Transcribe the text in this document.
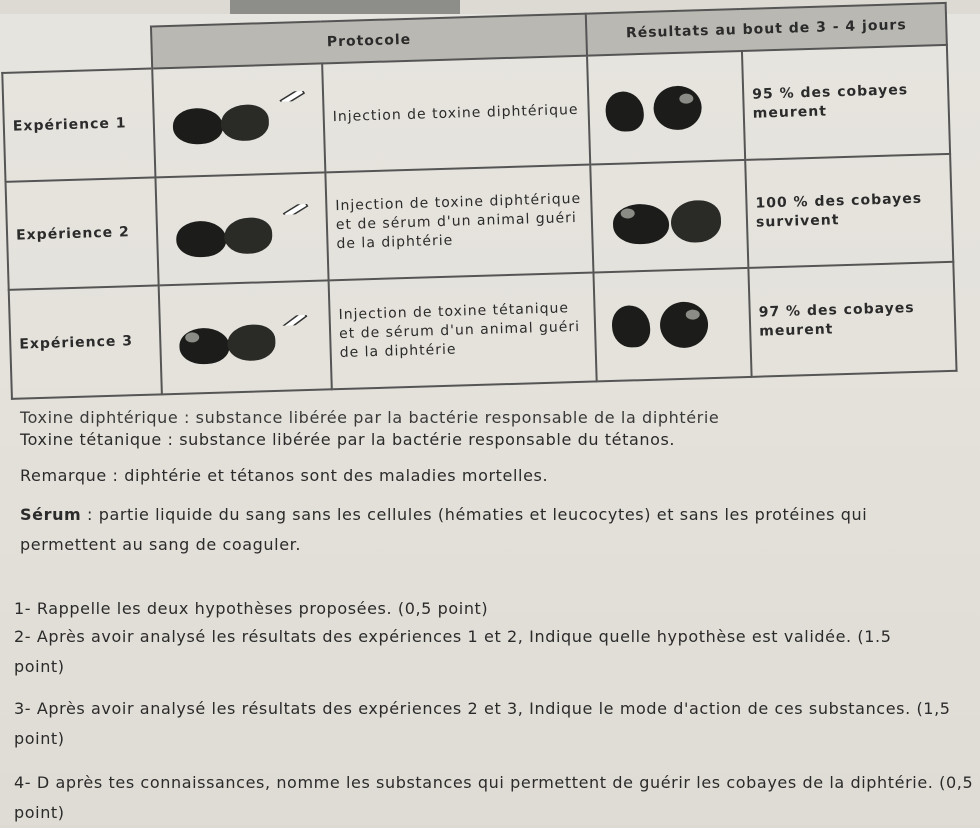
	Protocole		Résultats au bout de 3 - 4 jours	
Expérience 1		Injection de toxine diphtérique		95 % des cobayes meurent
Expérience 2		Injection de toxine diphtérique et de sérum d'un animal guéri de la diphtérie		100 % des cobayes survivent
Expérience 3		Injection de toxine tétanique et de sérum d'un animal guéri de la diphtérie		97 % des cobayes meurent

Toxine diphtérique : substance libérée par la bactérie responsable de la diphtérie

Toxine tétanique : substance libérée par la bactérie responsable du tétanos.

Remarque : diphtérie et tétanos sont des maladies mortelles.

Sérum : partie liquide du sang sans les cellules (hématies et leucocytes) et sans les protéines qui permettent au sang de coaguler.

1- Rappelle les deux hypothèses proposées. (0,5 point)

2- Après avoir analysé les résultats des expériences 1 et 2, Indique quelle hypothèse est validée. (1.5 point)

3- Après avoir analysé les résultats des expériences 2 et 3, Indique le mode d'action de ces substances. (1,5 point)

4- D après tes connaissances, nomme les substances qui permettent de guérir les cobayes de la diphtérie. (0,5 point)
